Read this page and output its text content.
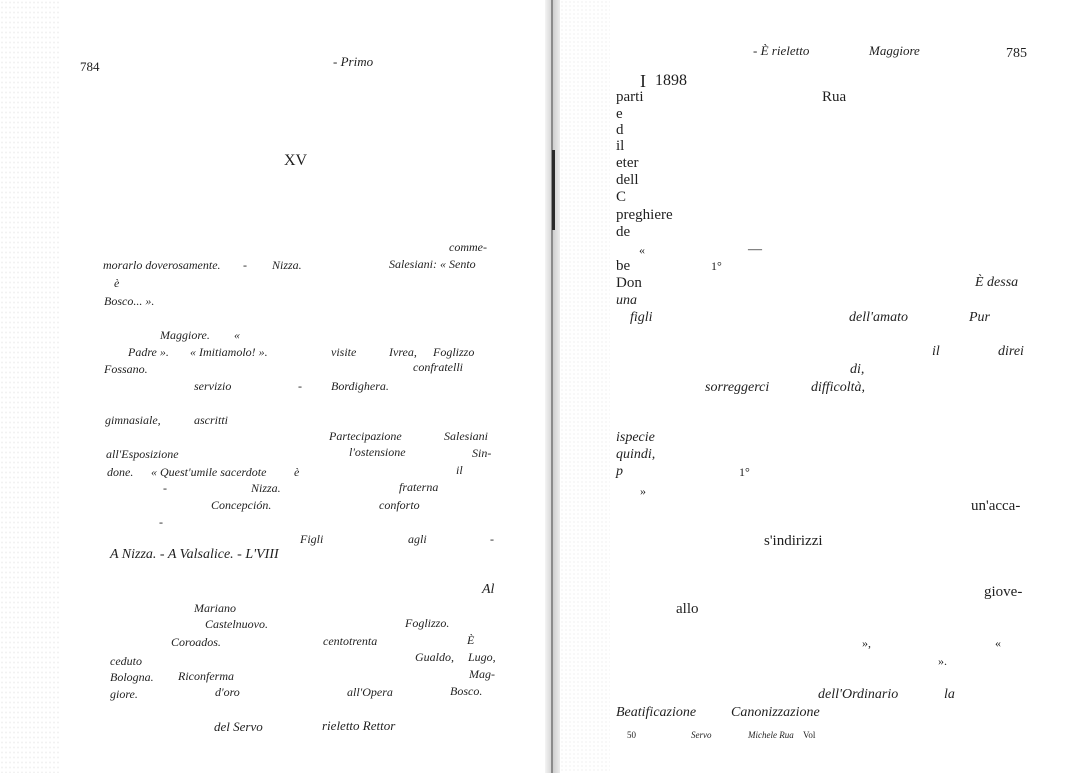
784	- Primo
XV
comme-
morarlo doverosamente. - Nizza.	Salesiani: « Sento
è
Bosco... ».
Maggiore. «
Padre ». « Imitiamolo! ».	visite	Ivrea, Foglizzo
Fossano.	confratelli
servizio	- Bordighera.
gimnasiale,	ascritti
Partecipazione	Salesiani
all'Esposizione	l'ostensione	Sin-
done. « Quest'umile sacerdote è	il
-	Nizza.	fraterna
Concepción.	conforto
-
Figli	agli	-
A Nizza. - A Valsalice. - L'VIII
Al
Mariano
Castelnuovo.	Foglizzo.
Coroados.	centotrenta	È
ceduto	Gualdo, Lugo,
Bologna. Riconferma	Mag-
giore.	d'oro	all'Opera	Bosco.
del Servo	rieletto Rettor
- È rieletto	Maggiore	785
I 1898
parti	Rua
e
d
il
eter
dell
C
preghiere
de
«	—
be	1°
Don	È dessa
una
figli	dell'amato	Pur
il	direi
di,
sorreggerci	difficoltà,
ispecie
quindi,
p	1°
»
un'acca-
s'indirizzi
giove-
allo
»,	«
».
dell'Ordinario	la
Beatificazione Canonizzazione
50	Servo	Michele Rua Vol
